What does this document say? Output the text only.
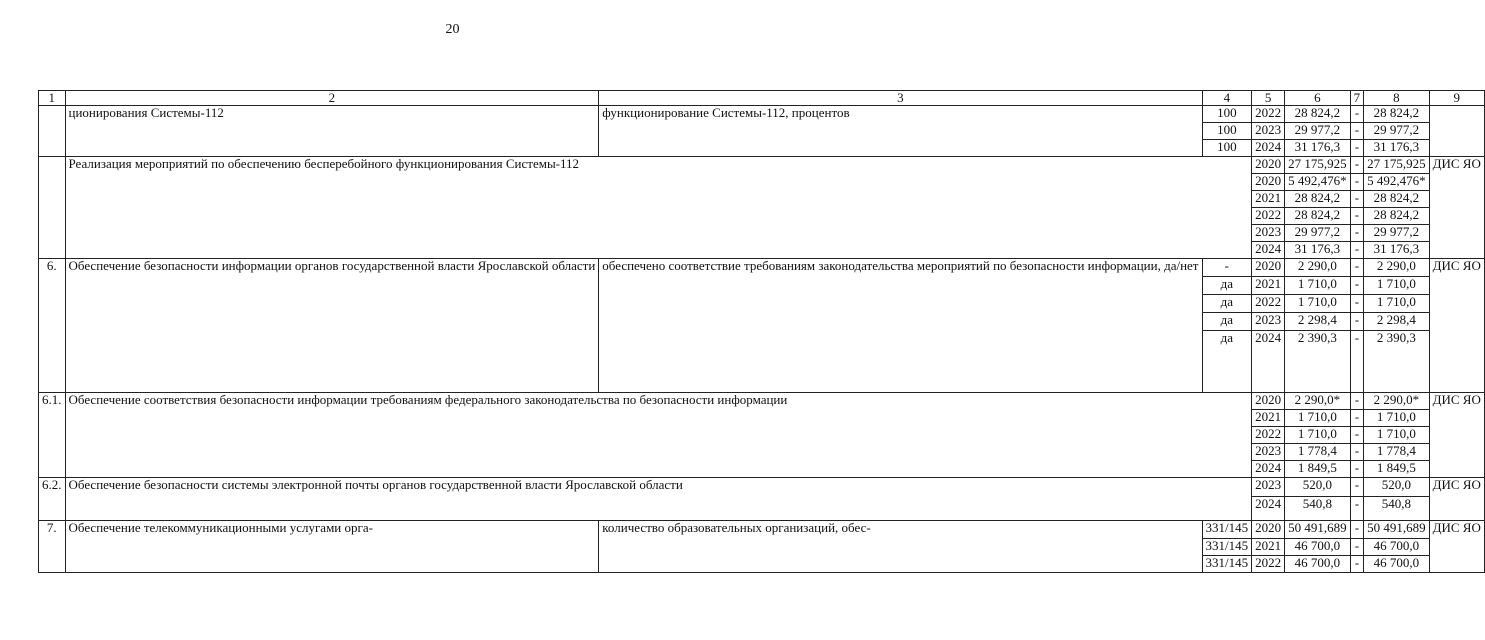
20
1	2	3	4	5	6	7	8	9
	ционирования Системы-112	функционирование Системы-112, процентов	100	2022	28 824,2	-	28 824,2	
			100	2023	29 977,2	-	29 977,2	
			100	2024	31 176,3	-	31 176,3	
	Реализация мероприятий по обеспечению бесперебойного функционирования Системы-112			2020	27 175,925	-	27 175,925	ДИС ЯО
				2020	5 492,476*	-	5 492,476*	
				2021	28 824,2	-	28 824,2	
				2022	28 824,2	-	28 824,2	
				2023	29 977,2	-	29 977,2	
				2024	31 176,3	-	31 176,3	
6.	Обеспечение безопасности информации органов государственной власти Ярославской области	обеспечено соответствие требованиям законодательства мероприятий по безопасности информации, да/нет	-	2020	2 290,0	-	2 290,0	ДИС ЯО
			да	2021	1 710,0	-	1 710,0	
			да	2022	1 710,0	-	1 710,0	
			да	2023	2 298,4	-	2 298,4	
			да	2024	2 390,3	-	2 390,3	
6.1.	Обеспечение соответствия безопасности информации требованиям федерального законодательства по безопасности информации			2020	2 290,0*	-	2 290,0*	ДИС ЯО
				2021	1 710,0	-	1 710,0	
				2022	1 710,0	-	1 710,0	
				2023	1 778,4	-	1 778,4	
				2024	1 849,5	-	1 849,5	
6.2.	Обеспечение безопасности системы электронной почты органов государственной власти Ярославской области			2023	520,0	-	520,0	ДИС ЯО
				2024	540,8	-	540,8	
7.	Обеспечение телекоммуникационными услугами орга-	количество образовательных организаций, обес-	331/145	2020	50 491,689	-	50 491,689	ДИС ЯО
			331/145	2021	46 700,0	-	46 700,0	
			331/145	2022	46 700,0	-	46 700,0	
